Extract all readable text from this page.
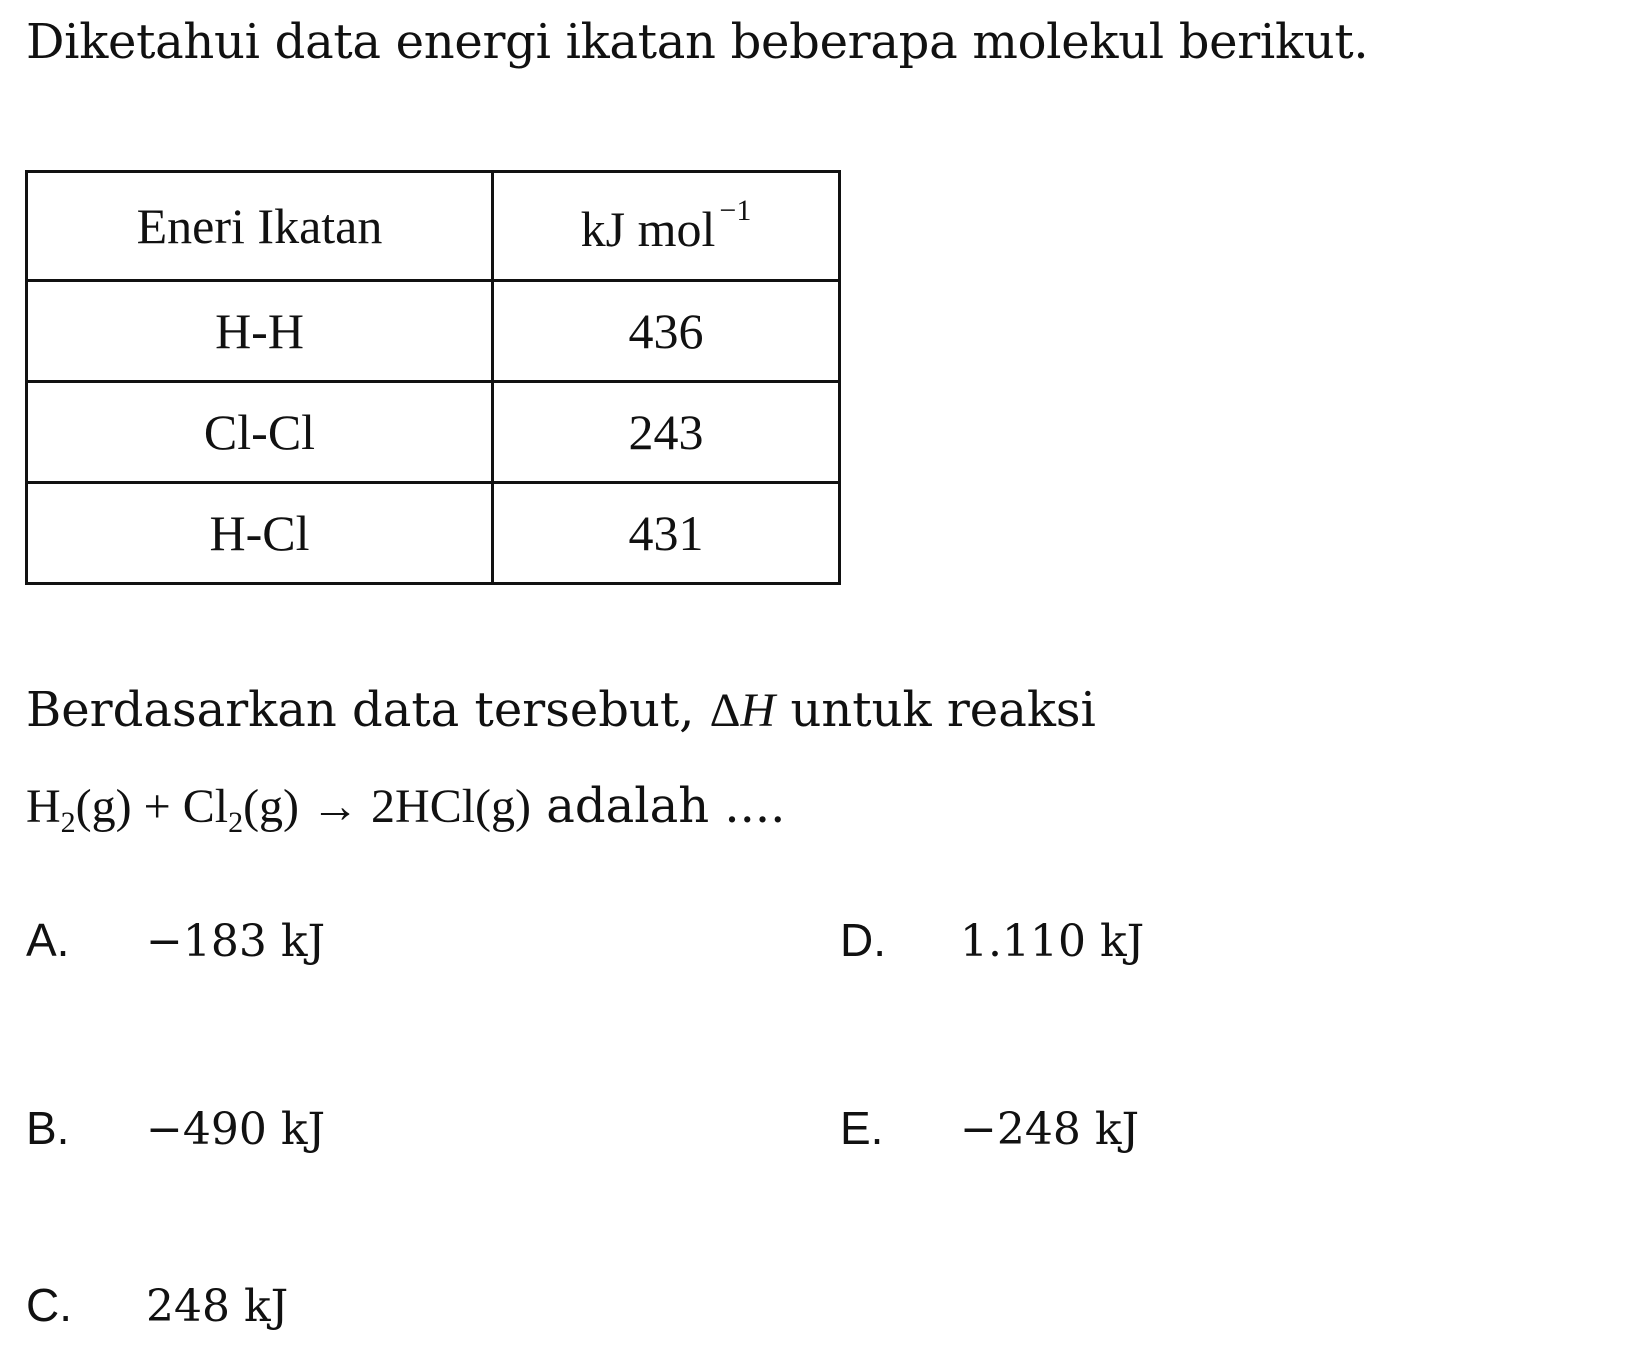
Diketahui data energi ikatan beberapa molekul berikut.
Eneri Ikatan	kJ mol $^{-1}$
H-H	436
Cl-Cl	243
H-Cl	431
Berdasarkan data tersebut, ΔH untuk reaksi
$H_2(g) + Cl_2(g) \to 2HCl(g)$ adalah ....
A. −183 kJ
B. −490 kJ
C. 248 kJ
D. 1.110 kJ
E. −248 kJ
